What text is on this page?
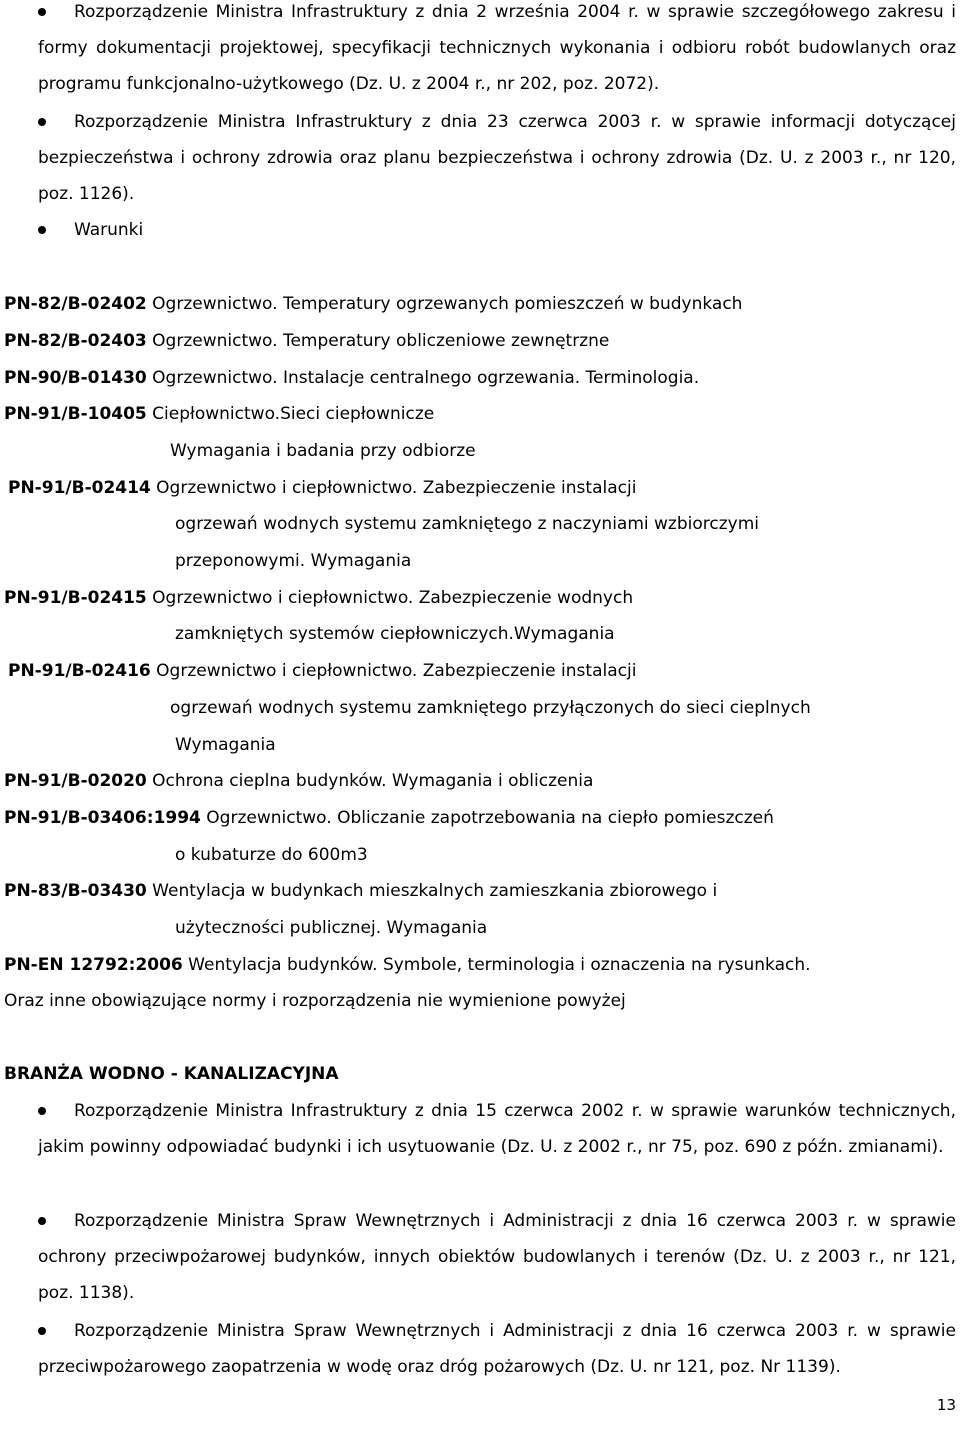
Rozporządzenie Ministra Infrastruktury z dnia 2 września 2004 r. w sprawie szczegółowego zakresu i formy dokumentacji projektowej, specyfikacji technicznych wykonania i odbioru robót budowlanych oraz programu funkcjonalno-użytkowego (Dz. U. z 2004 r., nr 202, poz. 2072).
Rozporządzenie Ministra Infrastruktury z dnia 23 czerwca 2003 r. w sprawie informacji dotyczącej bezpieczeństwa i ochrony zdrowia oraz planu bezpieczeństwa i ochrony zdrowia (Dz. U. z 2003 r., nr 120, poz. 1126).
Warunki
PN-82/B-02402 Ogrzewnictwo. Temperatury ogrzewanych pomieszczeń w budynkach
PN-82/B-02403 Ogrzewnictwo. Temperatury obliczeniowe zewnętrzne
PN-90/B-01430 Ogrzewnictwo. Instalacje centralnego ogrzewania. Terminologia.
PN-91/B-10405 Ciepłownictwo.Sieci ciepłownicze
Wymagania i badania przy odbiorze
PN-91/B-02414 Ogrzewnictwo i ciepłownictwo. Zabezpieczenie instalacji
ogrzewań wodnych systemu zamkniętego z naczyniami wzbiorczymi
przeponowymi. Wymagania
PN-91/B-02415 Ogrzewnictwo i ciepłownictwo. Zabezpieczenie wodnych
zamkniętych systemów ciepłowniczych.Wymagania
PN-91/B-02416 Ogrzewnictwo i ciepłownictwo. Zabezpieczenie instalacji
ogrzewań wodnych systemu zamkniętego przyłączonych do sieci cieplnych
Wymagania
PN-91/B-02020 Ochrona cieplna budynków. Wymagania i obliczenia
PN-91/B-03406:1994 Ogrzewnictwo. Obliczanie zapotrzebowania na ciepło pomieszczeń
o kubaturze do 600m3
PN-83/B-03430 Wentylacja w budynkach mieszkalnych zamieszkania zbiorowego i
użyteczności publicznej. Wymagania
PN-EN 12792:2006 Wentylacja budynków. Symbole, terminologia i oznaczenia na rysunkach.
Oraz inne obowiązujące normy i rozporządzenia nie wymienione powyżej
BRANŻA WODNO - KANALIZACYJNA
Rozporządzenie Ministra Infrastruktury z dnia 15 czerwca 2002 r. w sprawie warunków technicznych, jakim powinny odpowiadać budynki i ich usytuowanie (Dz. U. z 2002 r., nr 75, poz. 690 z późn. zmianami).
Rozporządzenie Ministra Spraw Wewnętrznych i Administracji z dnia 16 czerwca 2003 r. w sprawie ochrony przeciwpożarowej budynków, innych obiektów budowlanych i terenów (Dz. U. z 2003 r., nr 121, poz. 1138).
Rozporządzenie Ministra Spraw Wewnętrznych i Administracji z dnia 16 czerwca 2003 r. w sprawie przeciwpożarowego zaopatrzenia w wodę oraz dróg pożarowych (Dz. U. nr 121, poz. Nr 1139).
13
